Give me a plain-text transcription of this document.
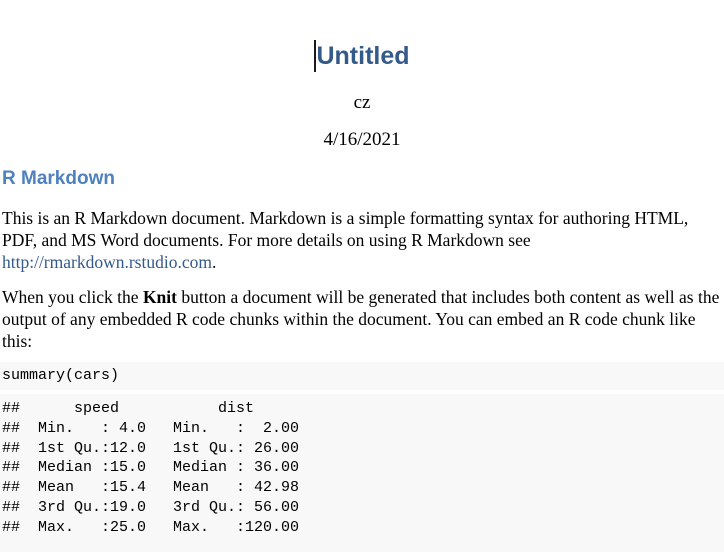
Untitled
cz
4/16/2021
R Markdown
This is an R Markdown document. Markdown is a simple formatting syntax for authoring HTML, PDF, and MS Word documents. For more details on using R Markdown see http://rmarkdown.rstudio.com.
When you click the Knit button a document will be generated that includes both content as well as the output of any embedded R code chunks within the document. You can embed an R code chunk like this:
summary(cars)
##      speed           dist
##  Min.   : 4.0   Min.   :  2.00
##  1st Qu.:12.0   1st Qu.: 26.00
##  Median :15.0   Median : 36.00
##  Mean   :15.4   Mean   : 42.98
##  3rd Qu.:19.0   3rd Qu.: 56.00
##  Max.   :25.0   Max.   :120.00
